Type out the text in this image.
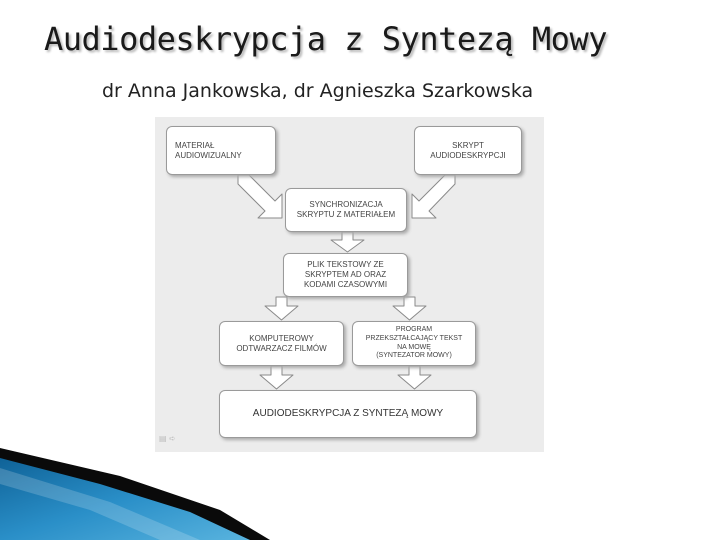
Audiodeskrypcja z Syntezą Mowy
dr Anna Jankowska, dr Agnieszka Szarkowska
MATERIAŁ
AUDIOWIZUALNY
SKRYPT
AUDIODESKRYPCJI
SYNCHRONIZACJA
SKRYPTU Z MATERIAŁEM
PLIK TEKSTOWY ZE
SKRYPTEM AD ORAZ
KODAMI CZASOWYMI
KOMPUTEROWY
ODTWARZACZ FILMÓW
PROGRAM
PRZEKSZTAŁCAJĄCY TEKST
NA MOWĘ
(SYNTEZATOR MOWY)
AUDIODESKRYPCJA Z SYNTEZĄ MOWY
▤ ➪
